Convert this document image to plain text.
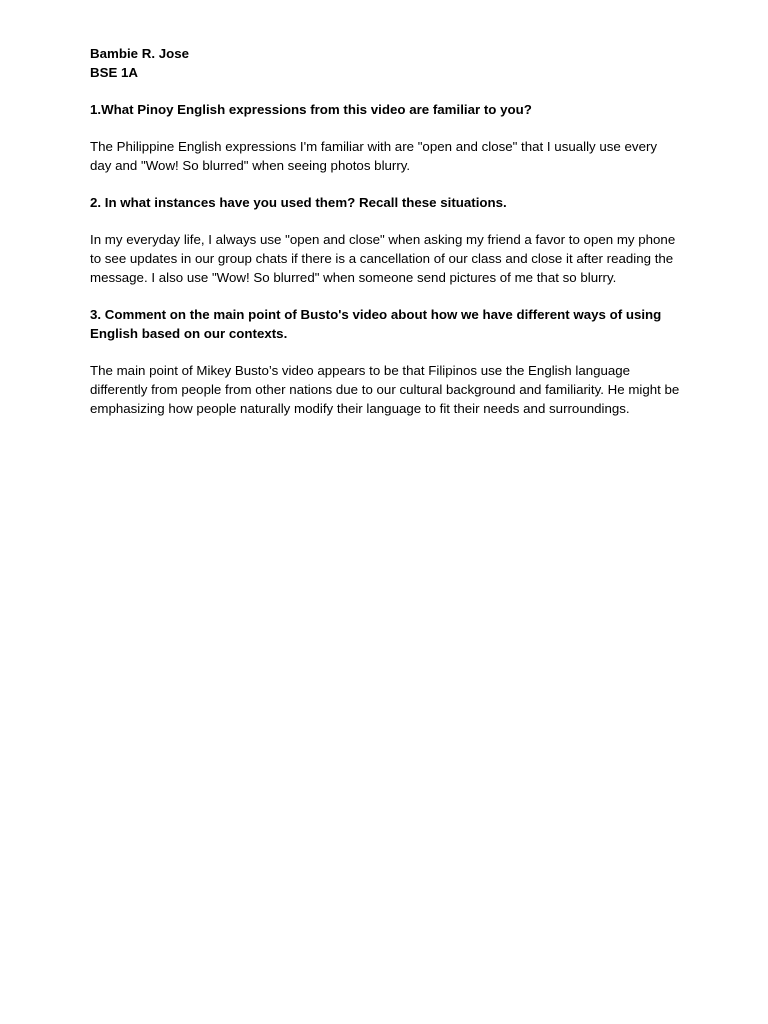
Bambie R. Jose
BSE 1A

1.What Pinoy English expressions from this video are familiar to you?

The Philippine English expressions I'm familiar with are "open and close" that I usually use every day and "Wow! So blurred" when seeing photos blurry.

2. In what instances have you used them? Recall these situations.

In my everyday life, I always use "open and close" when asking my friend a favor to open my phone to see updates in our group chats if there is a cancellation of our class and close it after reading the message. I also use "Wow! So blurred" when someone send pictures of me that so blurry.

3. Comment on the main point of Busto's video about how we have different ways of using English based on our contexts.

The main point of Mikey Busto’s video appears to be that Filipinos use the English language differently from people from other nations due to our cultural background and familiarity. He might be emphasizing how people naturally modify their language to fit their needs and surroundings.
